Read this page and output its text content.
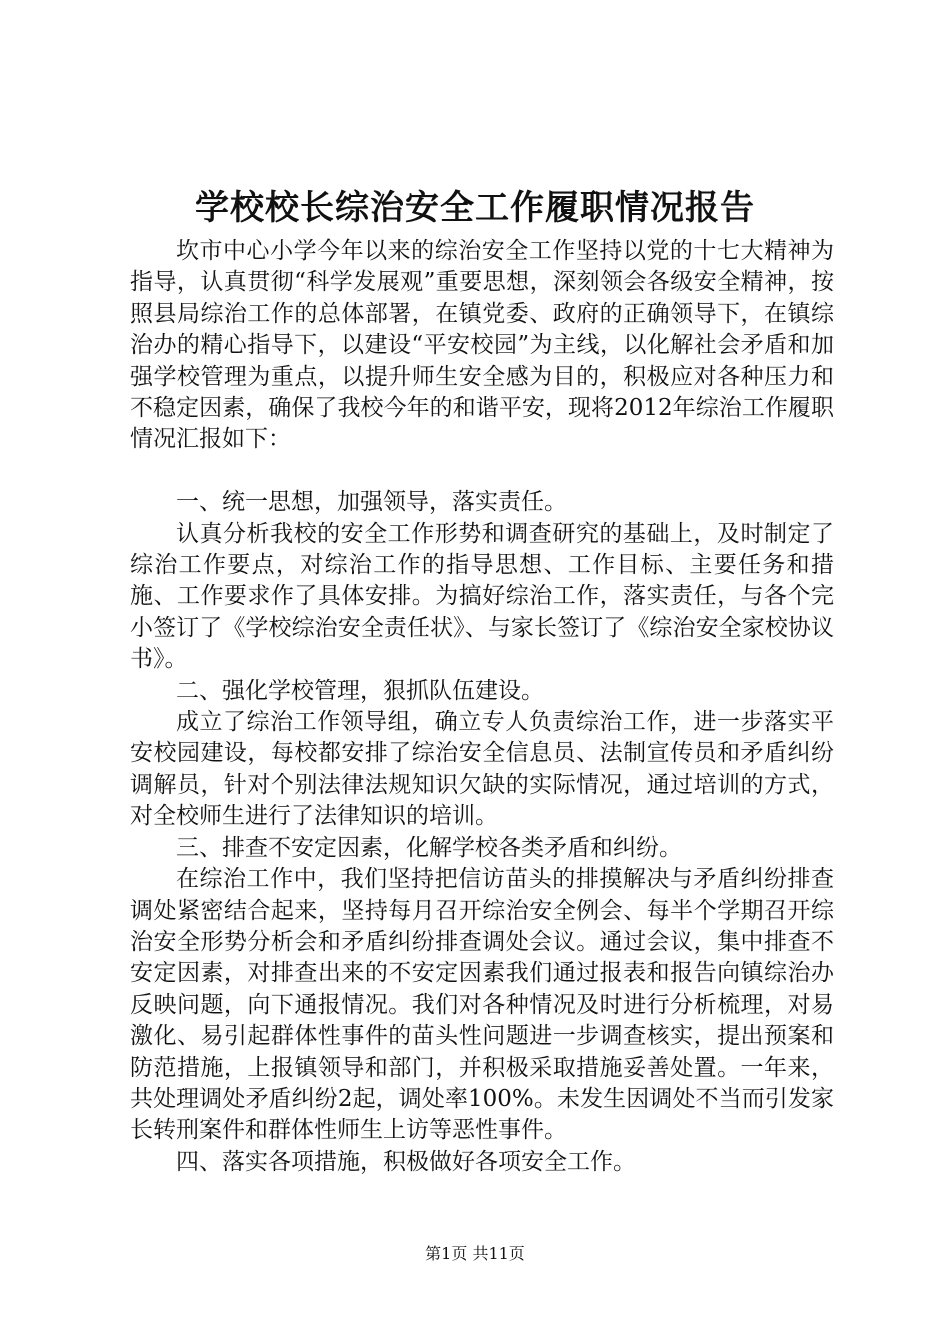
学校校长综治安全工作履职情况报告

坎市中心小学今年以来的综治安全工作坚持以党的十七大精神为指导，认真贯彻“科学发展观”重要思想，深刻领会各级安全精神，按照县局综治工作的总体部署，在镇党委、政府的正确领导下，在镇综治办的精心指导下，以建设“平安校园”为主线，以化解社会矛盾和加强学校管理为重点，以提升师生安全感为目的，积极应对各种压力和不稳定因素，确保了我校今年的和谐平安，现将2012年综治工作履职情况汇报如下：

一、统一思想，加强领导，落实责任。

认真分析我校的安全工作形势和调查研究的基础上，及时制定了综治工作要点，对综治工作的指导思想、工作目标、主要任务和措施、工作要求作了具体安排。为搞好综治工作，落实责任，与各个完小签订了《学校综治安全责任状》、与家长签订了《综治安全家校协议书》。

二、强化学校管理，狠抓队伍建设。

成立了综治工作领导组，确立专人负责综治工作，进一步落实平安校园建设，每校都安排了综治安全信息员、法制宣传员和矛盾纠纷调解员，针对个别法律法规知识欠缺的实际情况，通过培训的方式，对全校师生进行了法律知识的培训。

三、排查不安定因素，化解学校各类矛盾和纠纷。

在综治工作中，我们坚持把信访苗头的排摸解决与矛盾纠纷排查调处紧密结合起来，坚持每月召开综治安全例会、每半个学期召开综治安全形势分析会和矛盾纠纷排查调处会议。通过会议，集中排查不安定因素，对排查出来的不安定因素我们通过报表和报告向镇综治办反映问题，向下通报情况。我们对各种情况及时进行分析梳理，对易激化、易引起群体性事件的苗头性问题进一步调查核实，提出预案和防范措施，上报镇领导和部门，并积极采取措施妥善处置。一年来，共处理调处矛盾纠纷2起，调处率100%。未发生因调处不当而引发家长转刑案件和群体性师生上访等恶性事件。

四、落实各项措施，积极做好各项安全工作。

第1页 共11页
